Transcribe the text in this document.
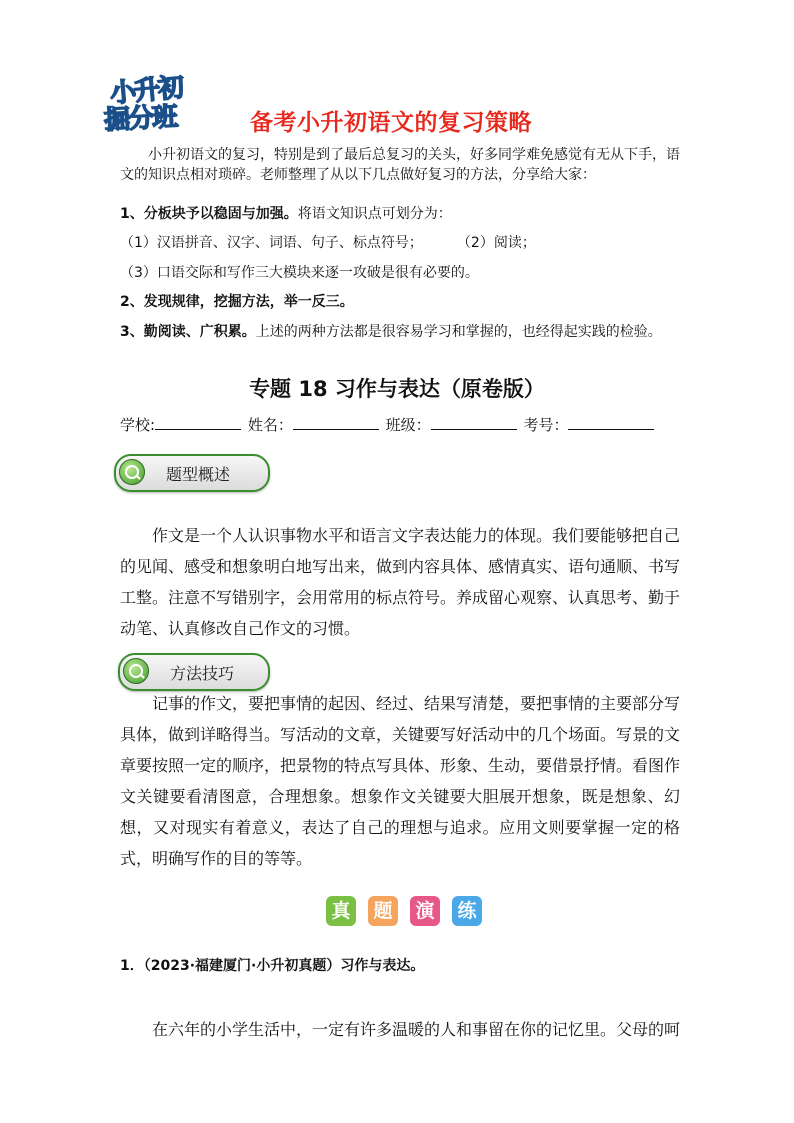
小升初
掘分班	备考小升初语文的复习策略
小升初语文的复习，特别是到了最后总复习的关头，好多同学难免感觉有无从下手，语文的知识点相对琐碎。老师整理了从以下几点做好复习的方法，分享给大家：
1、分板块予以稳固与加强。将语文知识点可划分为：
（1）汉语拼音、汉字、词语、句子、标点符号； （2）阅读；
（3）口语交际和写作三大模块来逐一攻破是很有必要的。
2、发现规律，挖掘方法，举一反三。
3、勤阅读、广积累。上述的两种方法都是很容易学习和掌握的，也经得起实践的检验。
专题 18 习作与表达（原卷版）
学校:	姓名：	班级：	考号：
题型概述
作文是一个人认识事物水平和语言文字表达能力的体现。我们要能够把自己的见闻、感受和想象明白地写出来，做到内容具体、感情真实、语句通顺、书写工整。注意不写错别字，会用常用的标点符号。养成留心观察、认真思考、勤于动笔、认真修改自己作文的习惯。
方法技巧
记事的作文，要把事情的起因、经过、结果写清楚，要把事情的主要部分写具体，做到详略得当。写活动的文章，关键要写好活动中的几个场面。写景的文章要按照一定的顺序，把景物的特点写具体、形象、生动，要借景抒情。看图作文关键要看清图意，合理想象。想象作文关键要大胆展开想象，既是想象、幻想，又对现实有着意义，表达了自己的理想与追求。应用文则要掌握一定的格式，明确写作的目的等等。
真 题 演 练
1．（2023·福建厦门·小升初真题）习作与表达。
在六年的小学生活中，一定有许多温暖的人和事留在你的记忆里。父母的呵
